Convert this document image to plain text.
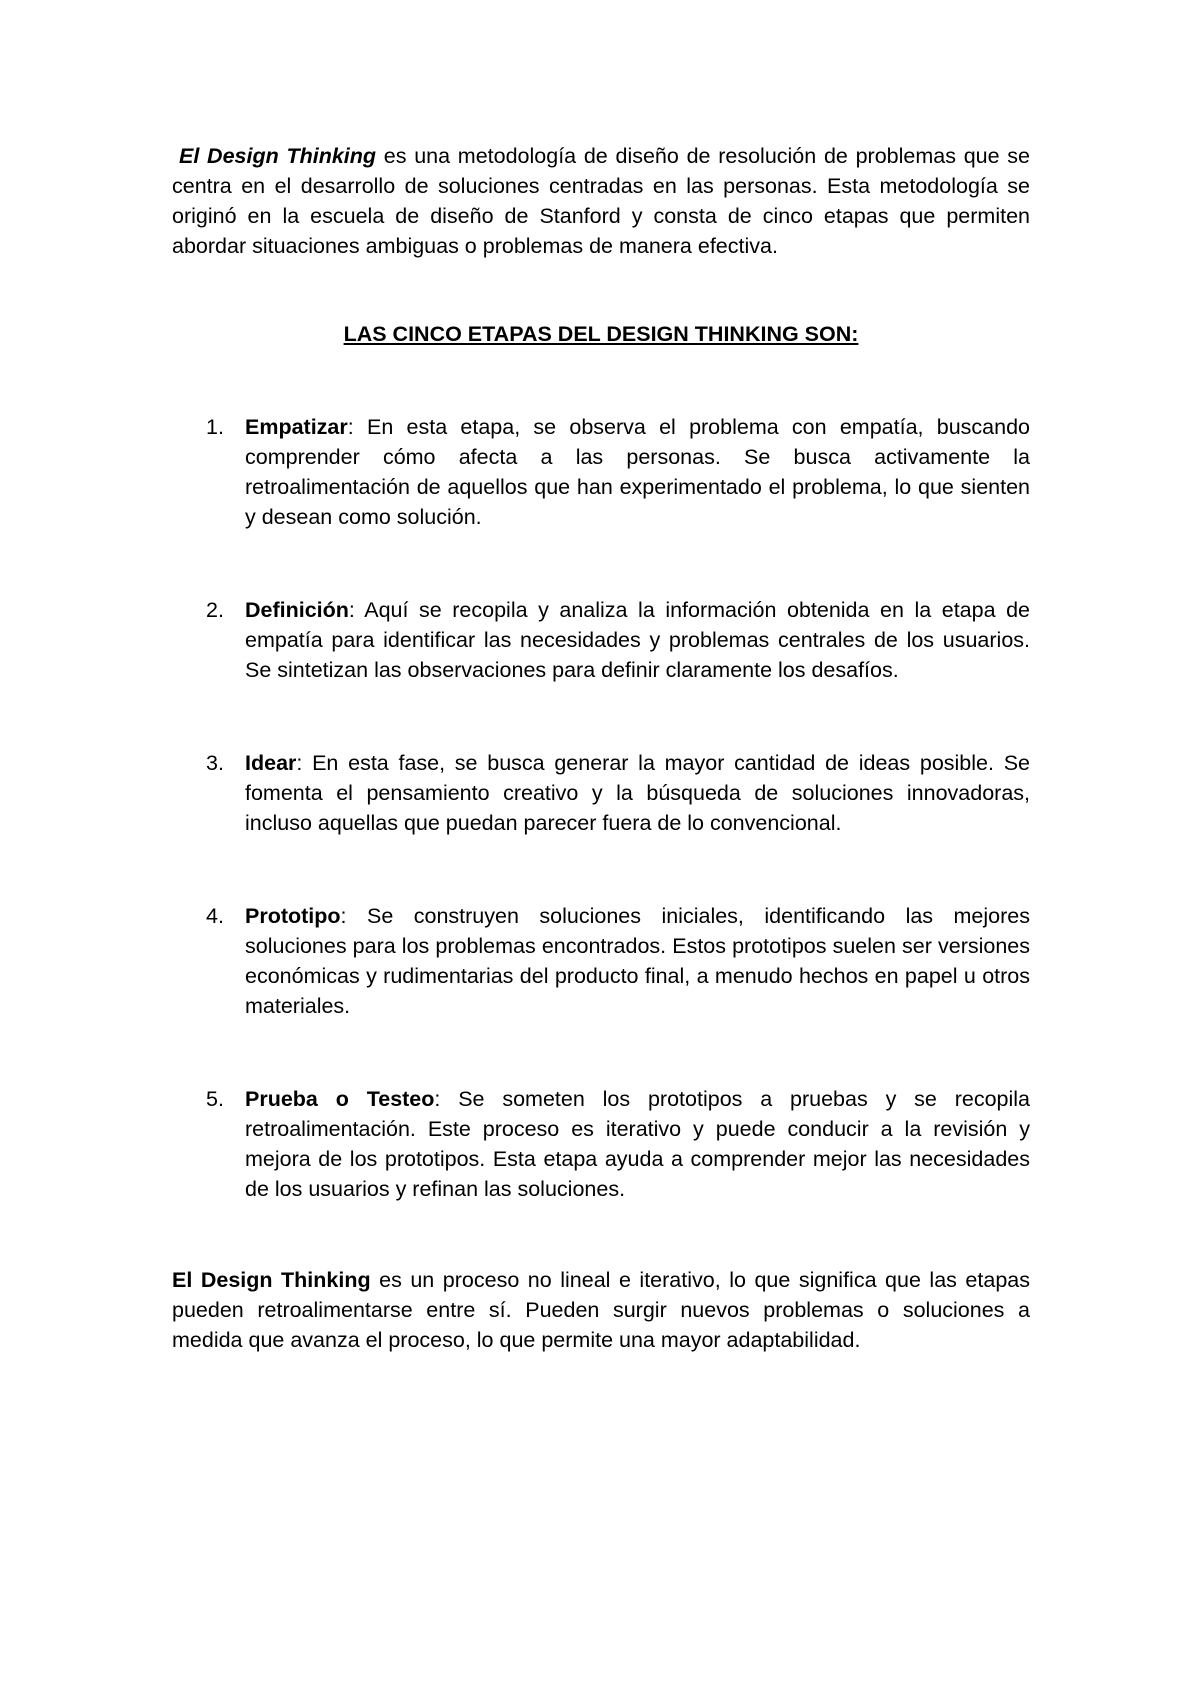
El Design Thinking es una metodología de diseño de resolución de problemas que se centra en el desarrollo de soluciones centradas en las personas. Esta metodología se originó en la escuela de diseño de Stanford y consta de cinco etapas que permiten abordar situaciones ambiguas o problemas de manera efectiva.

LAS CINCO ETAPAS DEL DESIGN THINKING SON:
1. Empatizar: En esta etapa, se observa el problema con empatía, buscando comprender cómo afecta a las personas. Se busca activamente la retroalimentación de aquellos que han experimentado el problema, lo que sienten y desean como solución.
2. Definición: Aquí se recopila y analiza la información obtenida en la etapa de empatía para identificar las necesidades y problemas centrales de los usuarios. Se sintetizan las observaciones para definir claramente los desafíos.
3. Idear: En esta fase, se busca generar la mayor cantidad de ideas posible. Se fomenta el pensamiento creativo y la búsqueda de soluciones innovadoras, incluso aquellas que puedan parecer fuera de lo convencional.
4. Prototipo: Se construyen soluciones iniciales, identificando las mejores soluciones para los problemas encontrados. Estos prototipos suelen ser versiones económicas y rudimentarias del producto final, a menudo hechos en papel u otros materiales.
5. Prueba o Testeo: Se someten los prototipos a pruebas y se recopila retroalimentación. Este proceso es iterativo y puede conducir a la revisión y mejora de los prototipos. Esta etapa ayuda a comprender mejor las necesidades de los usuarios y refinan las soluciones.

El Design Thinking es un proceso no lineal e iterativo, lo que significa que las etapas pueden retroalimentarse entre sí. Pueden surgir nuevos problemas o soluciones a medida que avanza el proceso, lo que permite una mayor adaptabilidad.
